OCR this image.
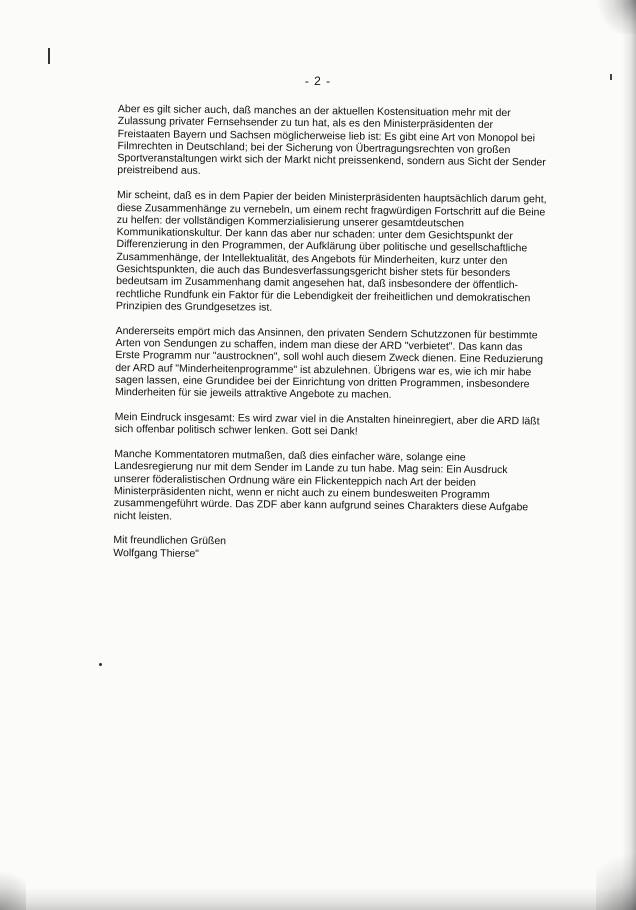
- 2 -

Aber es gilt sicher auch, daß manches an der aktuellen Kostensituation mehr mit der Zulassung privater Fernsehsender zu tun hat, als es den Ministerpräsidenten der Freistaaten Bayern und Sachsen möglicherweise lieb ist: Es gibt eine Art von Monopol bei Filmrechten in Deutschland; bei der Sicherung von Übertragungsrechten von großen Sportveranstaltungen wirkt sich der Markt nicht preissenkend, sondern aus Sicht der Sender preistreibend aus.

Mir scheint, daß es in dem Papier der beiden Ministerpräsidenten hauptsächlich darum geht, diese Zusammenhänge zu vernebeln, um einem recht fragwürdigen Fortschritt auf die Beine zu helfen: der vollständigen Kommerzialisierung unserer gesamtdeutschen Kommunikationskultur. Der kann das aber nur schaden: unter dem Gesichtspunkt der Differenzierung in den Programmen, der Aufklärung über politische und gesellschaftliche Zusammenhänge, der Intellektualität, des Angebots für Minderheiten, kurz unter den Gesichtspunkten, die auch das Bundesverfassungsgericht bisher stets für besonders bedeutsam im Zusammenhang damit angesehen hat, daß insbesondere der öffentlich-rechtliche Rundfunk ein Faktor für die Lebendigkeit der freiheitlichen und demokratischen Prinzipien des Grundgesetzes ist.

Andererseits empört mich das Ansinnen, den privaten Sendern Schutzzonen für bestimmte Arten von Sendungen zu schaffen, indem man diese der ARD "verbietet". Das kann das Erste Programm nur "austrocknen", soll wohl auch diesem Zweck dienen. Eine Reduzierung der ARD auf "Minderheitenprogramme" ist abzulehnen. Übrigens war es, wie ich mir habe sagen lassen, eine Grundidee bei der Einrichtung von dritten Programmen, insbesondere Minderheiten für sie jeweils attraktive Angebote zu machen.

Mein Eindruck insgesamt: Es wird zwar viel in die Anstalten hineinregiert, aber die ARD läßt sich offenbar politisch schwer lenken. Gott sei Dank!

Manche Kommentatoren mutmaßen, daß dies einfacher wäre, solange eine Landesregierung nur mit dem Sender im Lande zu tun habe. Mag sein: Ein Ausdruck unserer föderalistischen Ordnung wäre ein Flickenteppich nach Art der beiden Ministerpräsidenten nicht, wenn er nicht auch zu einem bundesweiten Programm zusammengeführt würde. Das ZDF aber kann aufgrund seines Charakters diese Aufgabe nicht leisten.

Mit freundlichen Grüßen
Wolfgang Thierse"
